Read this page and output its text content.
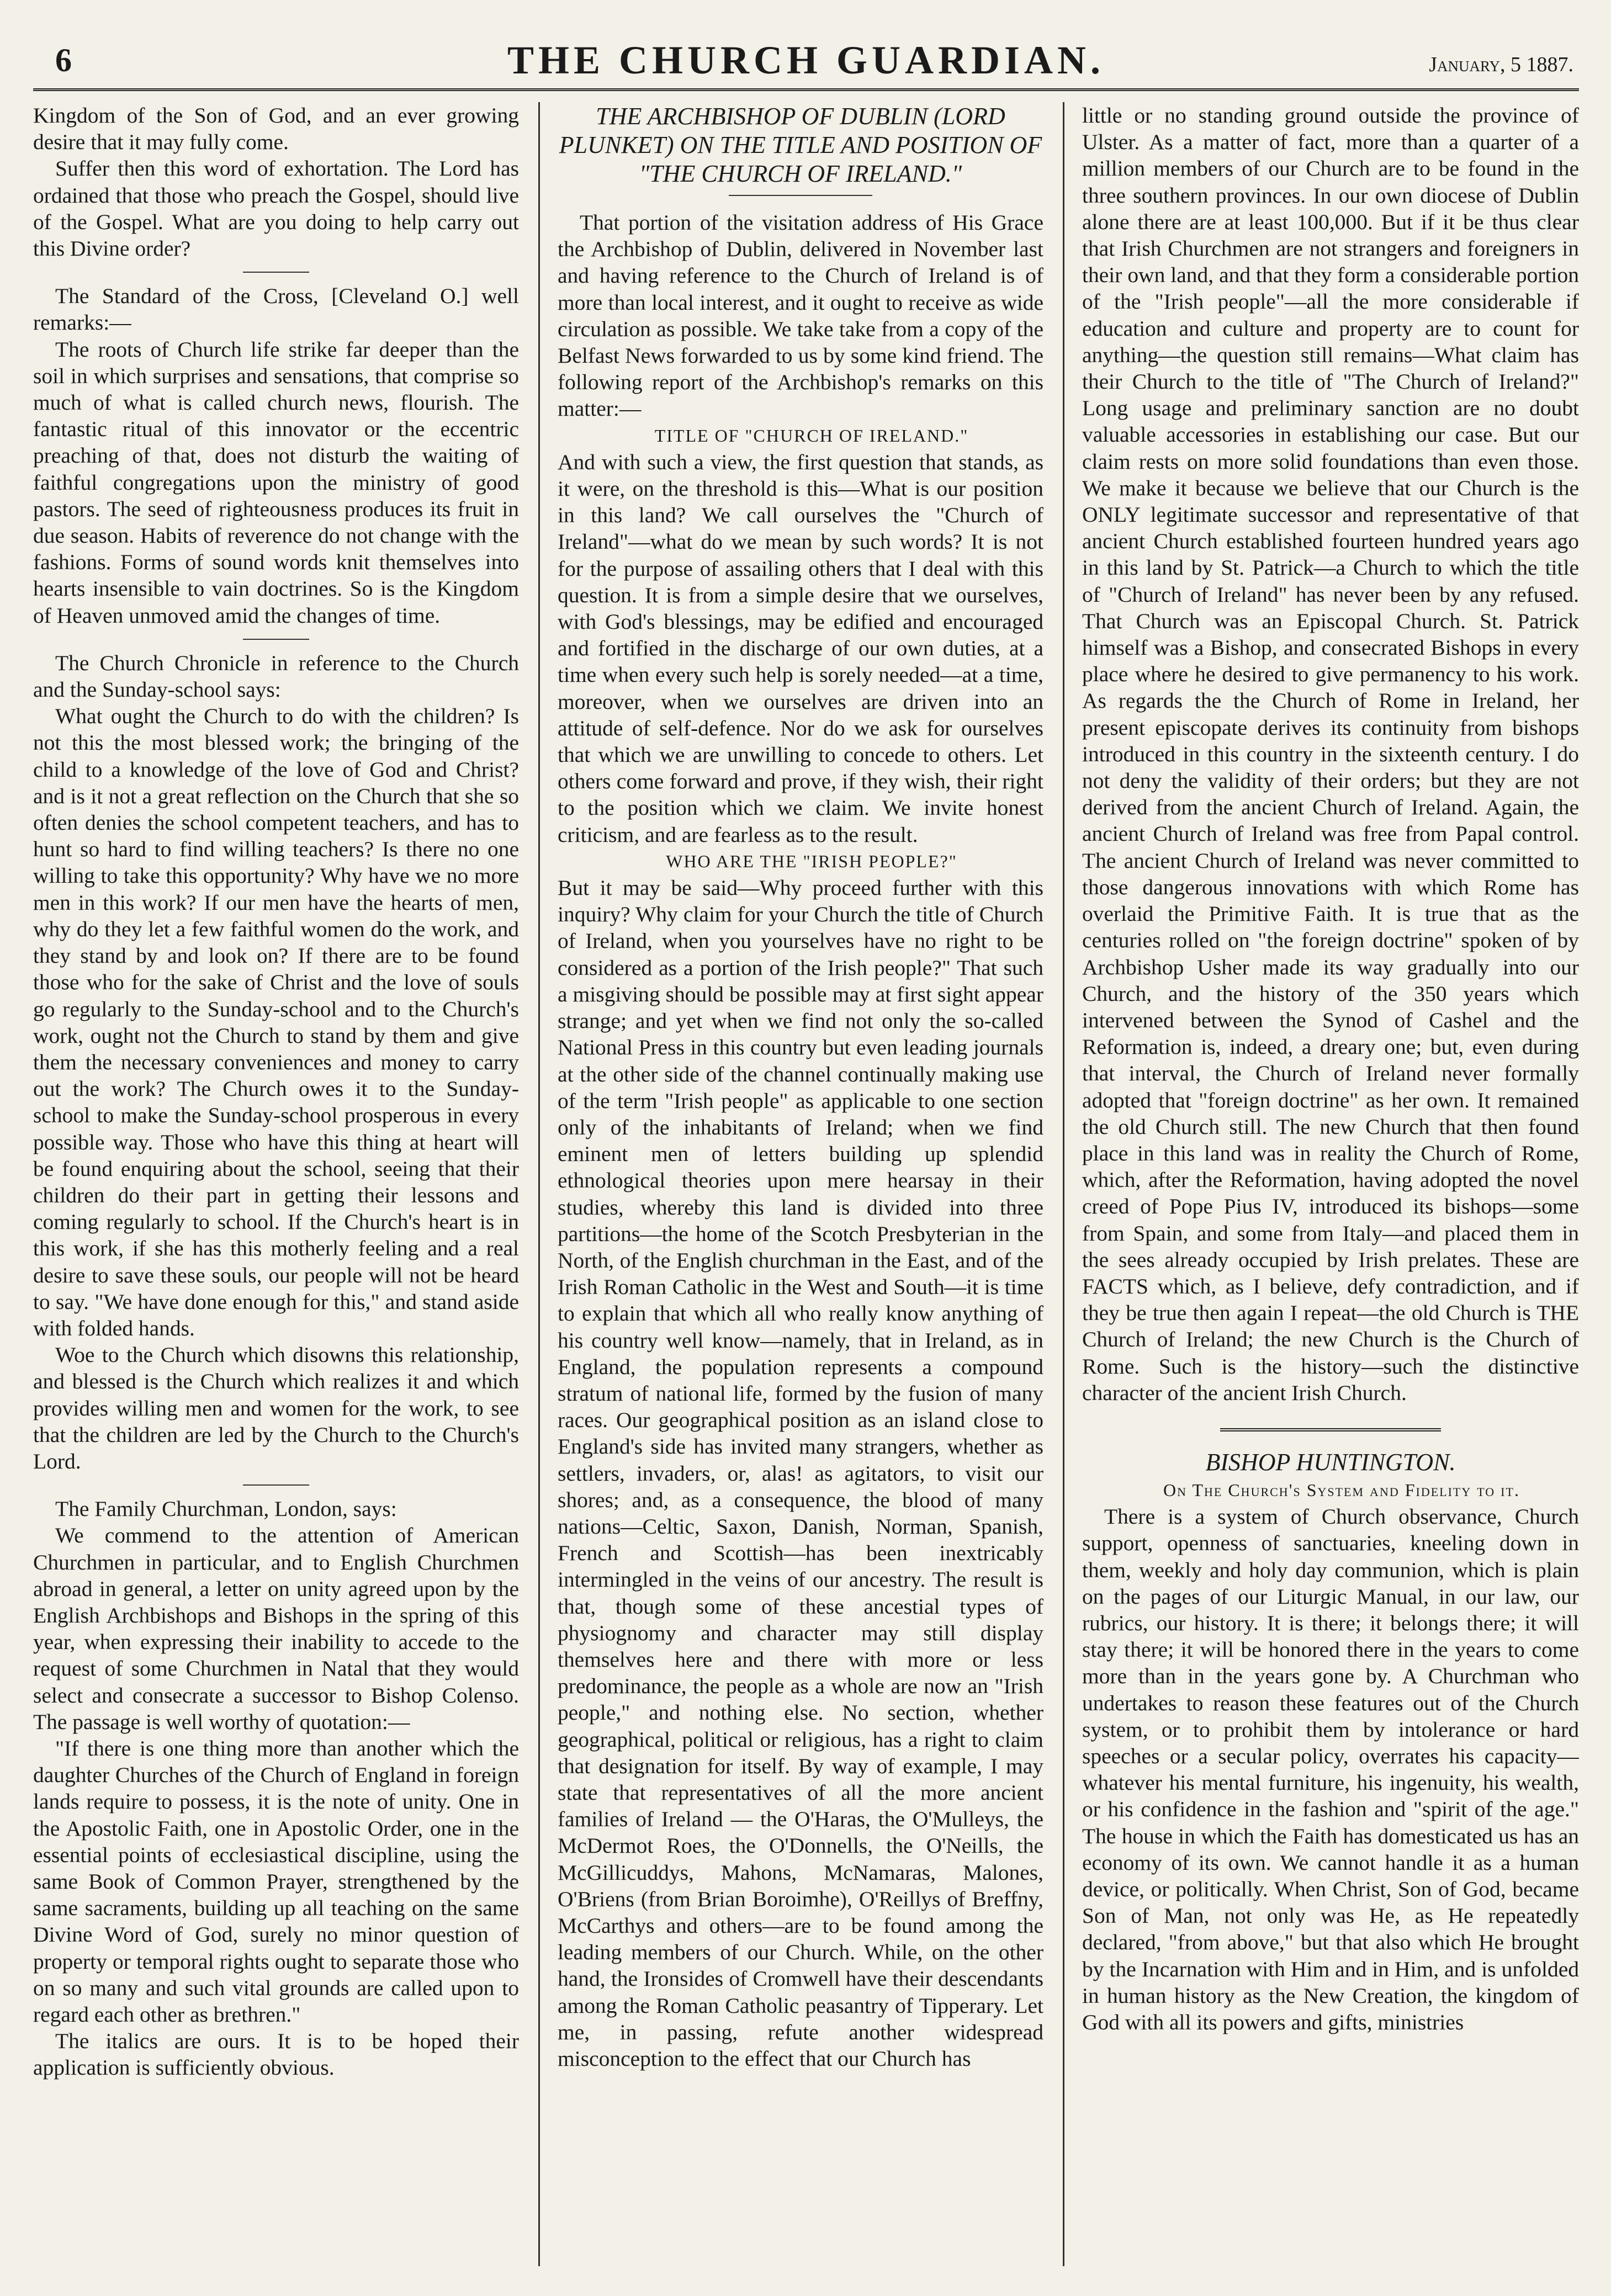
6	THE CHURCH GUARDIAN.	January, 5 1887.

Kingdom of the Son of God, and an ever growing desire that it may fully come.

Suffer then this word of exhortation. The Lord has ordained that those who preach the Gospel, should live of the Gospel. What are you doing to help carry out this Divine order?

The Standard of the Cross, [Cleveland O.] well remarks:—

The roots of Church life strike far deeper than the soil in which surprises and sensations, that comprise so much of what is called church news, flourish. The fantastic ritual of this innovator or the eccentric preaching of that, does not disturb the waiting of faithful congregations upon the ministry of good pastors. The seed of righteousness produces its fruit in due season. Habits of reverence do not change with the fashions. Forms of sound words knit themselves into hearts insensible to vain doctrines. So is the Kingdom of Heaven unmoved amid the changes of time.

The Church Chronicle in reference to the Church and the Sunday-school says:

What ought the Church to do with the children? Is not this the most blessed work; the bringing of the child to a knowledge of the love of God and Christ? and is it not a great reflection on the Church that she so often denies the school competent teachers, and has to hunt so hard to find willing teachers? Is there no one willing to take this opportunity? Why have we no more men in this work? If our men have the hearts of men, why do they let a few faithful women do the work, and they stand by and look on? If there are to be found those who for the sake of Christ and the love of souls go regularly to the Sunday-school and to the Church's work, ought not the Church to stand by them and give them the necessary conveniences and money to carry out the work? The Church owes it to the Sunday-school to make the Sunday-school prosperous in every possible way. Those who have this thing at heart will be found enquiring about the school, seeing that their children do their part in getting their lessons and coming regularly to school. If the Church's heart is in this work, if she has this motherly feeling and a real desire to save these souls, our people will not be heard to say. "We have done enough for this," and stand aside with folded hands.

Woe to the Church which disowns this relationship, and blessed is the Church which realizes it and which provides willing men and women for the work, to see that the children are led by the Church to the Church's Lord.

The Family Churchman, London, says:

We commend to the attention of American Churchmen in particular, and to English Churchmen abroad in general, a letter on unity agreed upon by the English Archbishops and Bishops in the spring of this year, when expressing their inability to accede to the request of some Churchmen in Natal that they would select and consecrate a successor to Bishop Colenso. The passage is well worthy of quotation:—

"If there is one thing more than another which the daughter Churches of the Church of England in foreign lands require to possess, it is the note of unity. One in the Apostolic Faith, one in Apostolic Order, one in the essential points of ecclesiastical discipline, using the same Book of Common Prayer, strengthened by the same sacraments, building up all teaching on the same Divine Word of God, surely no minor question of property or temporal rights ought to separate those who on so many and such vital grounds are called upon to regard each other as brethren."

The italics are ours. It is to be hoped their application is sufficiently obvious.

THE ARCHBISHOP OF DUBLIN (LORD PLUNKET) ON THE TITLE AND POSITION OF "THE CHURCH OF IRELAND."

That portion of the visitation address of His Grace the Archbishop of Dublin, delivered in November last and having reference to the Church of Ireland is of more than local interest, and it ought to receive as wide circulation as possible. We take take from a copy of the Belfast News forwarded to us by some kind friend. The following report of the Archbishop's remarks on this matter:—

TITLE OF "CHURCH OF IRELAND."

And with such a view, the first question that stands, as it were, on the threshold is this—What is our position in this land? We call ourselves the "Church of Ireland"—what do we mean by such words? It is not for the purpose of assailing others that I deal with this question. It is from a simple desire that we ourselves, with God's blessings, may be edified and encouraged and fortified in the discharge of our own duties, at a time when every such help is sorely needed—at a time, moreover, when we ourselves are driven into an attitude of self-defence. Nor do we ask for ourselves that which we are unwilling to concede to others. Let others come forward and prove, if they wish, their right to the position which we claim. We invite honest criticism, and are fearless as to the result.

WHO ARE THE "IRISH PEOPLE?"

But it may be said—Why proceed further with this inquiry? Why claim for your Church the title of Church of Ireland, when you yourselves have no right to be considered as a portion of the Irish people?" That such a misgiving should be possible may at first sight appear strange; and yet when we find not only the so-called National Press in this country but even leading journals at the other side of the channel continually making use of the term "Irish people" as applicable to one section only of the inhabitants of Ireland; when we find eminent men of letters building up splendid ethnological theories upon mere hearsay in their studies, whereby this land is divided into three partitions—the home of the Scotch Presbyterian in the North, of the English churchman in the East, and of the Irish Roman Catholic in the West and South—it is time to explain that which all who really know anything of his country well know—namely, that in Ireland, as in England, the population represents a compound stratum of national life, formed by the fusion of many races. Our geographical position as an island close to England's side has invited many strangers, whether as settlers, invaders, or, alas! as agitators, to visit our shores; and, as a consequence, the blood of many nations—Celtic, Saxon, Danish, Norman, Spanish, French and Scottish—has been inextricably intermingled in the veins of our ancestry. The result is that, though some of these ancestial types of physiognomy and character may still display themselves here and there with more or less predominance, the people as a whole are now an "Irish people," and nothing else. No section, whether geographical, political or religious, has a right to claim that designation for itself. By way of example, I may state that representatives of all the more ancient families of Ireland — the O'Haras, the O'Mulleys, the McDermot Roes, the O'Donnells, the O'Neills, the McGillicuddys, Mahons, McNamaras, Malones, O'Briens (from Brian Boroimhe), O'Reillys of Breffny, McCarthys and others—are to be found among the leading members of our Church. While, on the other hand, the Ironsides of Cromwell have their descendants among the Roman Catholic peasantry of Tipperary. Let me, in passing, refute another widespread misconception to the effect that our Church has

little or no standing ground outside the province of Ulster. As a matter of fact, more than a quarter of a million members of our Church are to be found in the three southern provinces. In our own diocese of Dublin alone there are at least 100,000. But if it be thus clear that Irish Churchmen are not strangers and foreigners in their own land, and that they form a considerable portion of the "Irish people"—all the more considerable if education and culture and property are to count for anything—the question still remains—What claim has their Church to the title of "The Church of Ireland?" Long usage and preliminary sanction are no doubt valuable accessories in establishing our case. But our claim rests on more solid foundations than even those. We make it because we believe that our Church is the ONLY legitimate successor and representative of that ancient Church established fourteen hundred years ago in this land by St. Patrick—a Church to which the title of "Church of Ireland" has never been by any refused. That Church was an Episcopal Church. St. Patrick himself was a Bishop, and consecrated Bishops in every place where he desired to give permanency to his work. As regards the the Church of Rome in Ireland, her present episcopate derives its continuity from bishops introduced in this country in the sixteenth century. I do not deny the validity of their orders; but they are not derived from the ancient Church of Ireland. Again, the ancient Church of Ireland was free from Papal control. The ancient Church of Ireland was never committed to those dangerous innovations with which Rome has overlaid the Primitive Faith. It is true that as the centuries rolled on "the foreign doctrine" spoken of by Archbishop Usher made its way gradually into our Church, and the history of the 350 years which intervened between the Synod of Cashel and the Reformation is, indeed, a dreary one; but, even during that interval, the Church of Ireland never formally adopted that "foreign doctrine" as her own. It remained the old Church still. The new Church that then found place in this land was in reality the Church of Rome, which, after the Reformation, having adopted the novel creed of Pope Pius IV, introduced its bishops—some from Spain, and some from Italy—and placed them in the sees already occupied by Irish prelates. These are FACTS which, as I believe, defy contradiction, and if they be true then again I repeat—the old Church is THE Church of Ireland; the new Church is the Church of Rome. Such is the history—such the distinctive character of the ancient Irish Church.

BISHOP HUNTINGTON.

On The Church's System and Fidelity to it.

There is a system of Church observance, Church support, openness of sanctuaries, kneeling down in them, weekly and holy day communion, which is plain on the pages of our Liturgic Manual, in our law, our rubrics, our history. It is there; it belongs there; it will stay there; it will be honored there in the years to come more than in the years gone by. A Churchman who undertakes to reason these features out of the Church system, or to prohibit them by intolerance or hard speeches or a secular policy, overrates his capacity—whatever his mental furniture, his ingenuity, his wealth, or his confidence in the fashion and "spirit of the age." The house in which the Faith has domesticated us has an economy of its own. We cannot handle it as a human device, or politically. When Christ, Son of God, became Son of Man, not only was He, as He repeatedly declared, "from above," but that also which He brought by the Incarnation with Him and in Him, and is unfolded in human history as the New Creation, the kingdom of God with all its powers and gifts, ministries
